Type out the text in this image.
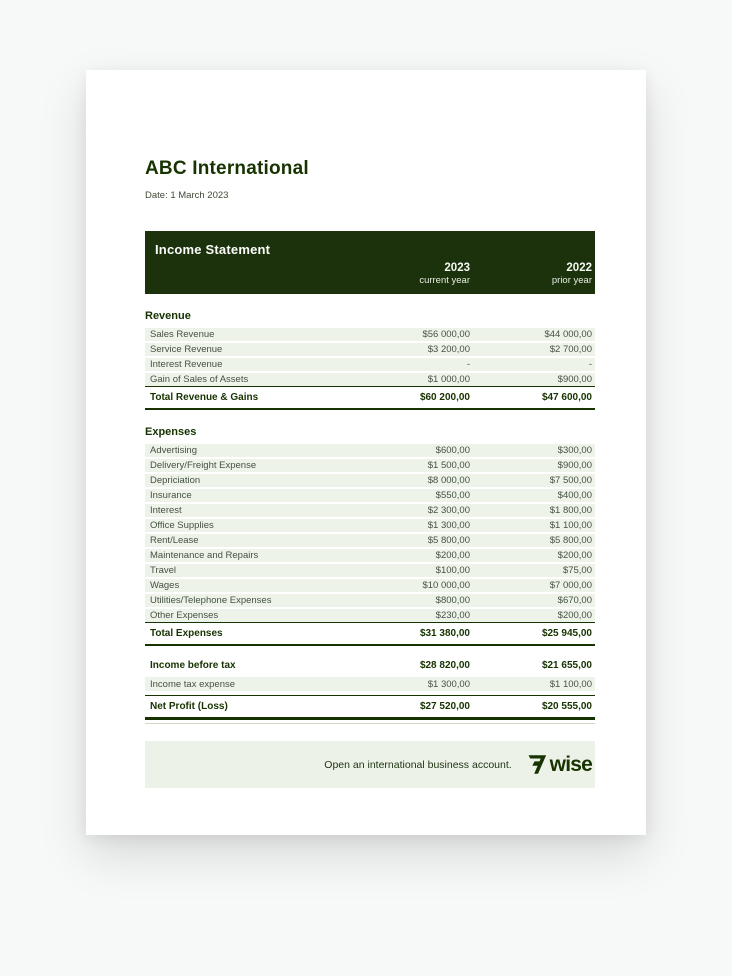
ABC International
Date: 1 March 2023
Income Statement
2023
current year
2022
prior year
Revenue
Sales Revenue	$56 000,00	$44 000,00
Service Revenue	$3 200,00	$2 700,00
Interest Revenue	-	-
Gain of Sales of Assets	$1 000,00	$900,00
Total Revenue & Gains	$60 200,00	$47 600,00
Expenses
Advertising	$600,00	$300,00
Delivery/Freight Expense	$1 500,00	$900,00
Depriciation	$8 000,00	$7 500,00
Insurance	$550,00	$400,00
Interest	$2 300,00	$1 800,00
Office Supplies	$1 300,00	$1 100,00
Rent/Lease	$5 800,00	$5 800,00
Maintenance and Repairs	$200,00	$200,00
Travel	$100,00	$75,00
Wages	$10 000,00	$7 000,00
Utilities/Telephone Expenses	$800,00	$670,00
Other Expenses	$230,00	$200,00
Total Expenses	$31 380,00	$25 945,00
Income before tax	$28 820,00	$21 655,00
Income tax expense	$1 300,00	$1 100,00
Net Profit (Loss)	$27 520,00	$20 555,00
Open an international business account. wise
